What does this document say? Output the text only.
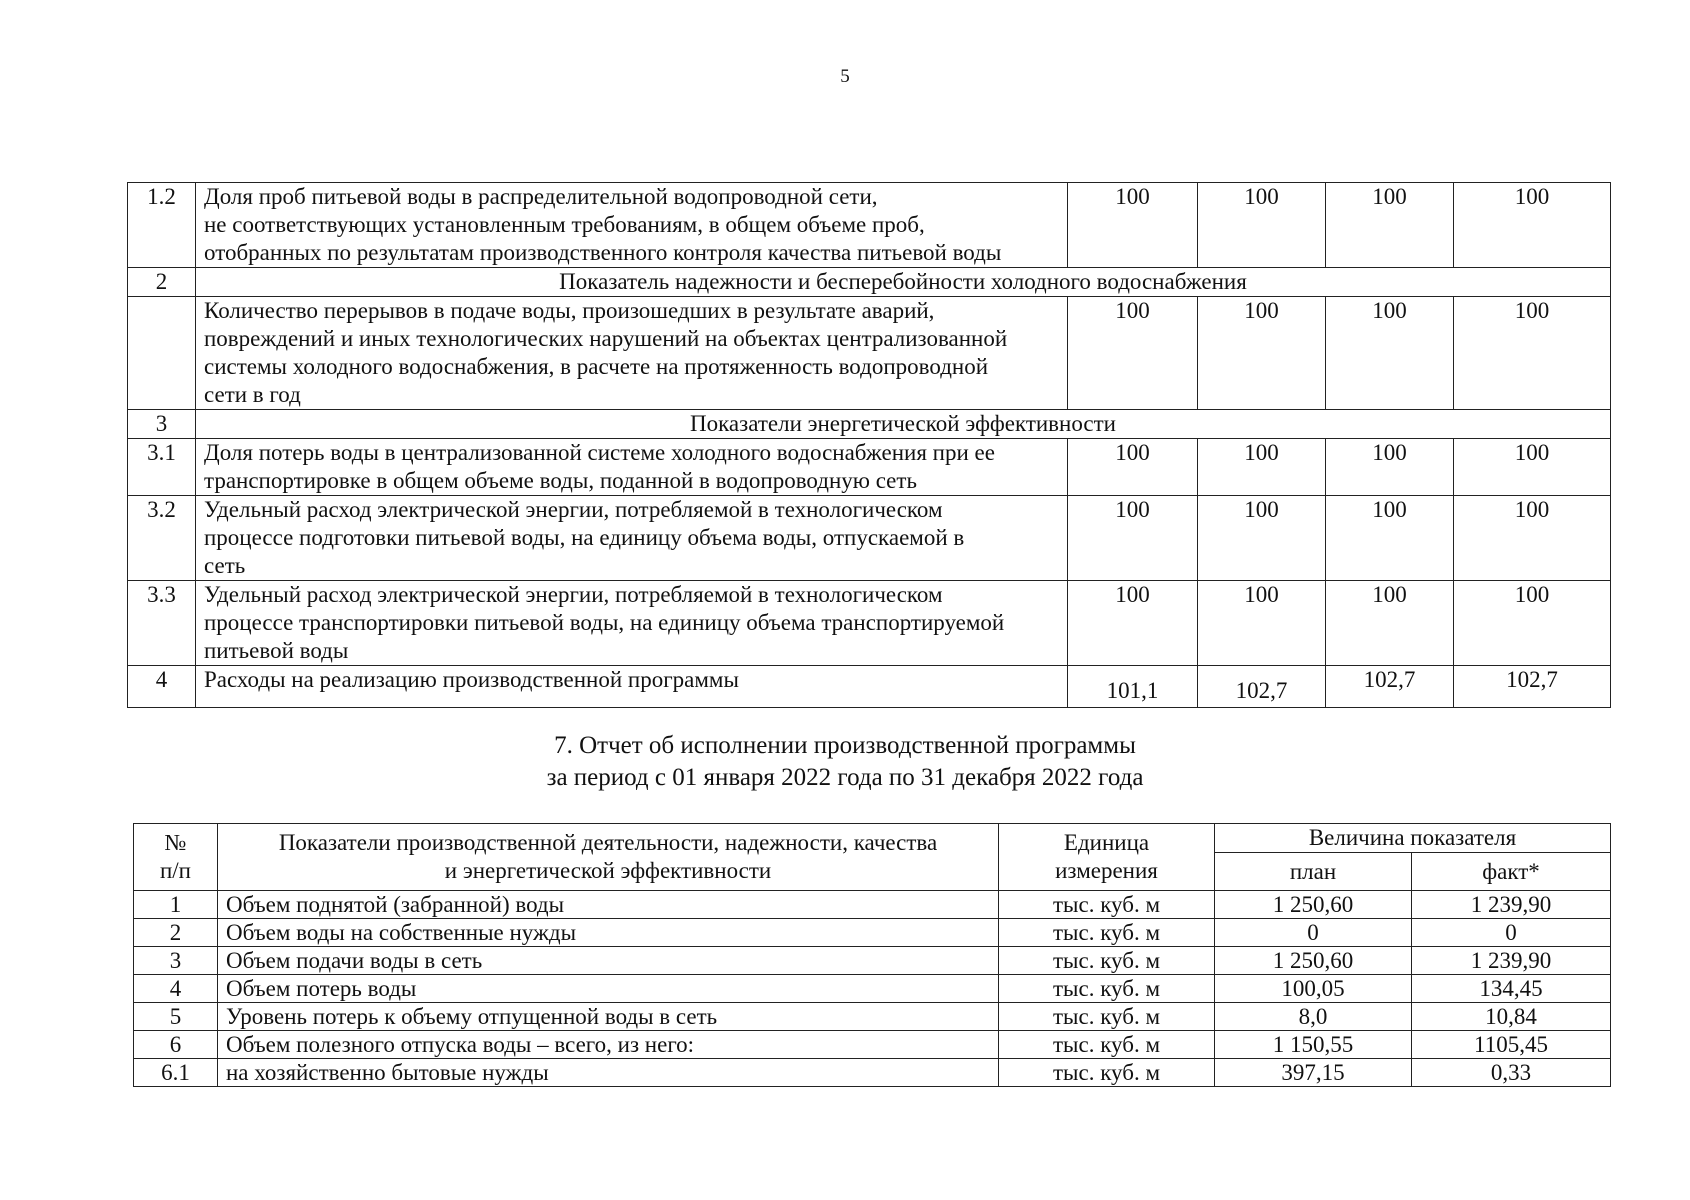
5
1.2	Доля проб питьевой воды в распределительной водопроводной сети,
не соответствующих установленным требованиям, в общем объеме проб,
отобранных по результатам производственного контроля качества питьевой воды	100	100	100	100
2	Показатель надежности и бесперебойности холодного водоснабжения				
	Количество перерывов в подаче воды, произошедших в результате аварий,
повреждений и иных технологических нарушений на объектах централизованной
системы холодного водоснабжения, в расчете на протяженность водопроводной
сети в год	100	100	100	100
3	Показатели энергетической эффективности				
3.1	Доля потерь воды в централизованной системе холодного водоснабжения при ее
транспортировке в общем объеме воды, поданной в водопроводную сеть	100	100	100	100
3.2	Удельный расход электрической энергии, потребляемой в технологическом
процессе подготовки питьевой воды, на единицу объема воды, отпускаемой в
сеть	100	100	100	100
3.3	Удельный расход электрической энергии, потребляемой в технологическом
процессе транспортировки питьевой воды, на единицу объема транспортируемой
питьевой воды	100	100	100	100
4	Расходы на реализацию производственной программы	101,1	102,7	102,7	102,7
7. Отчет об исполнении производственной программы
за период с 01 января 2022 года по 31 декабря 2022 года
№
п/п	Показатели производственной деятельности, надежности, качества
и энергетической эффективности	Единица
измерения	Величина показателя	
			план	факт*
1	Объем поднятой (забранной) воды	тыс. куб. м	1 250,60	1 239,90
2	Объем воды на собственные нужды	тыс. куб. м	0	0
3	Объем подачи воды в сеть	тыс. куб. м	1 250,60	1 239,90
4	Объем потерь воды	тыс. куб. м	100,05	134,45
5	Уровень потерь к объему отпущенной воды в сеть	тыс. куб. м	8,0	10,84
6	Объем полезного отпуска воды – всего, из него:	тыс. куб. м	1 150,55	1105,45
6.1	на хозяйственно бытовые нужды	тыс. куб. м	397,15	0,33
